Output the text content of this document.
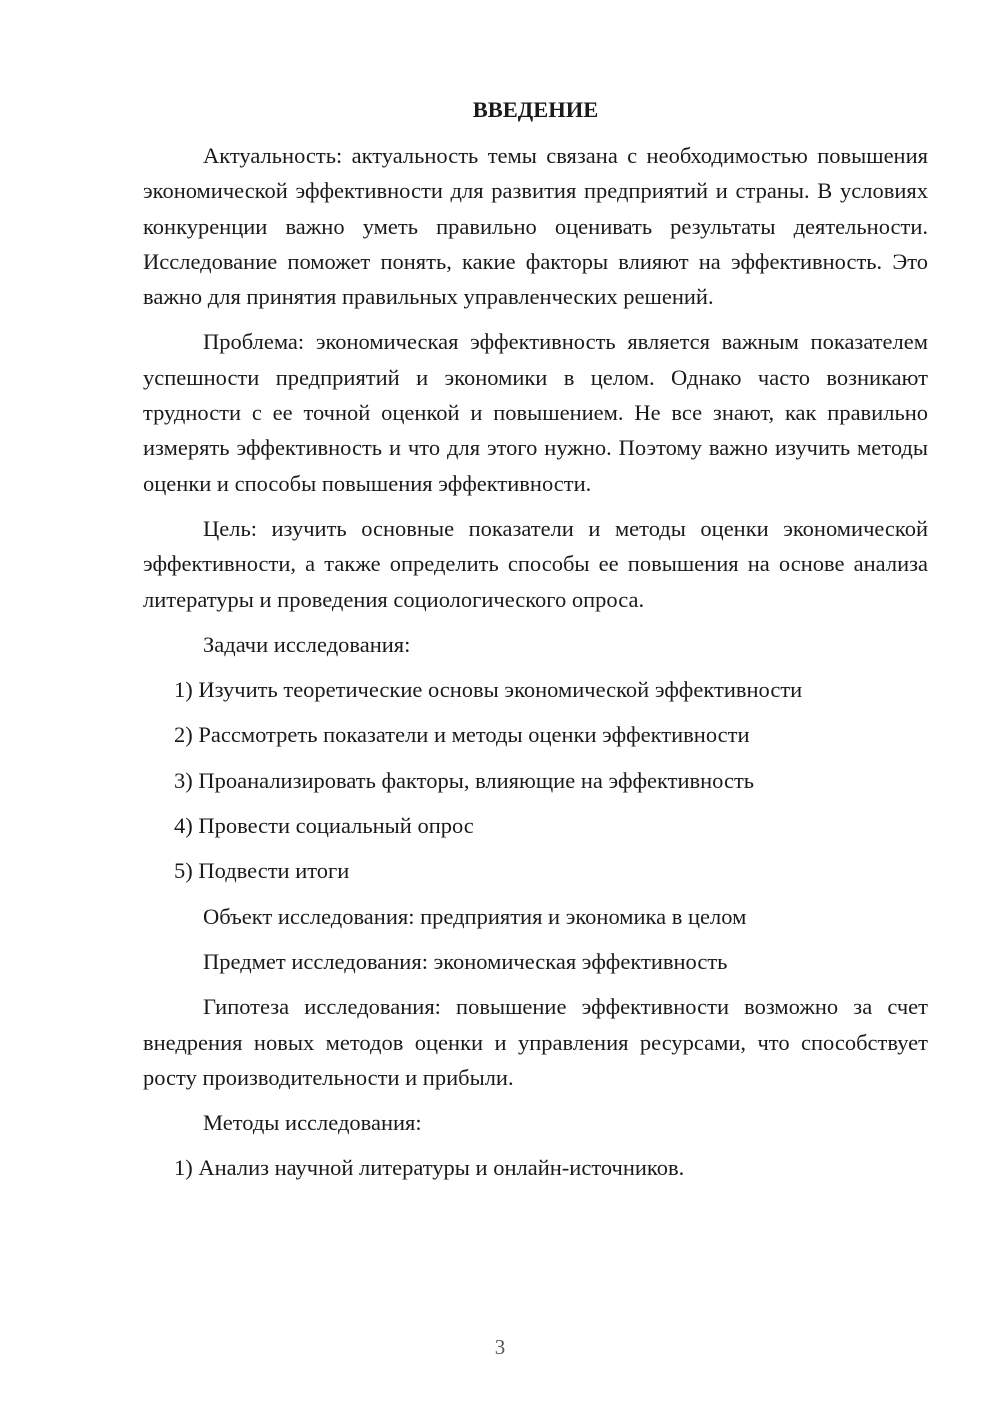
ВВЕДЕНИЕ

Актуальность: актуальность темы связана с необходимостью повышения экономической эффективности для развития предприятий и страны. В условиях конкуренции важно уметь правильно оценивать результаты деятельности. Исследование поможет понять, какие факторы влияют на эффективность. Это важно для принятия правильных управленческих решений.

Проблема: экономическая эффективность является важным показателем успешности предприятий и экономики в целом. Однако часто возникают трудности с ее точной оценкой и повышением. Не все знают, как правильно измерять эффективность и что для этого нужно. Поэтому важно изучить методы оценки и способы повышения эффективности.

Цель: изучить основные показатели и методы оценки экономической эффективности, а также определить способы ее повышения на основе анализа литературы и проведения социологического опроса.

Задачи исследования:

1) Изучить теоретические основы экономической эффективности

2) Рассмотреть показатели и методы оценки эффективности

3) Проанализировать факторы, влияющие на эффективность

4) Провести социальный опрос

5) Подвести итоги

Объект исследования: предприятия и экономика в целом

Предмет исследования: экономическая эффективность

Гипотеза исследования: повышение эффективности возможно за счет внедрения новых методов оценки и управления ресурсами, что способствует росту производительности и прибыли.

Методы исследования:

1) Анализ научной литературы и онлайн-источников.

3
